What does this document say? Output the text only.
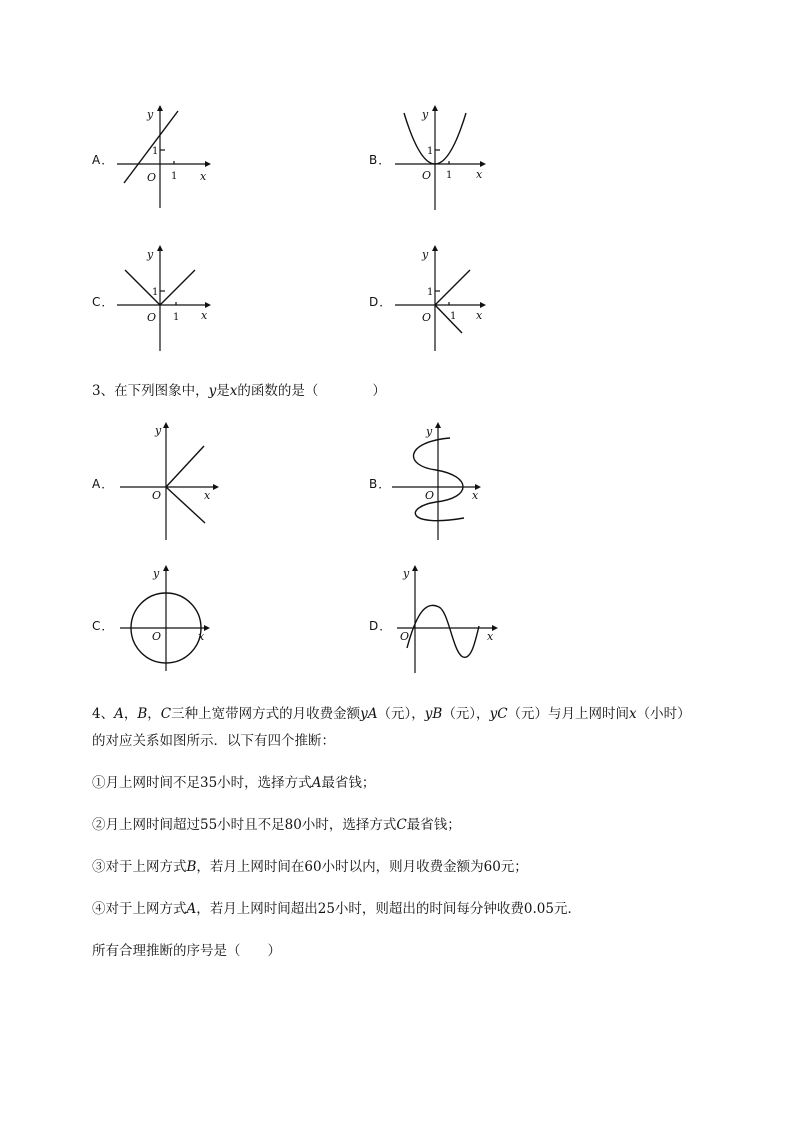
A．
y
x
O
1
1
B．
y
x
O
1
1
C．
y
x
O
1
1
D．
y
x
O
1
1
3、在下列图象中，y是x的函数的是（　　　　）
A．
y
x
O
B．
y
x
O
C．
y
x
O
D．
y
x
O
4、A，B，C三种上宽带网方式的月收费金额yA（元），yB（元），yC（元）与月上网时间x（小时）
的对应关系如图所示．以下有四个推断：
①月上网时间不足35小时，选择方式A最省钱；
②月上网时间超过55小时且不足80小时，选择方式C最省钱；
③对于上网方式B，若月上网时间在60小时以内，则月收费金额为60元；
④对于上网方式A，若月上网时间超出25小时，则超出的时间每分钟收费0.05元．
所有合理推断的序号是（　　）
